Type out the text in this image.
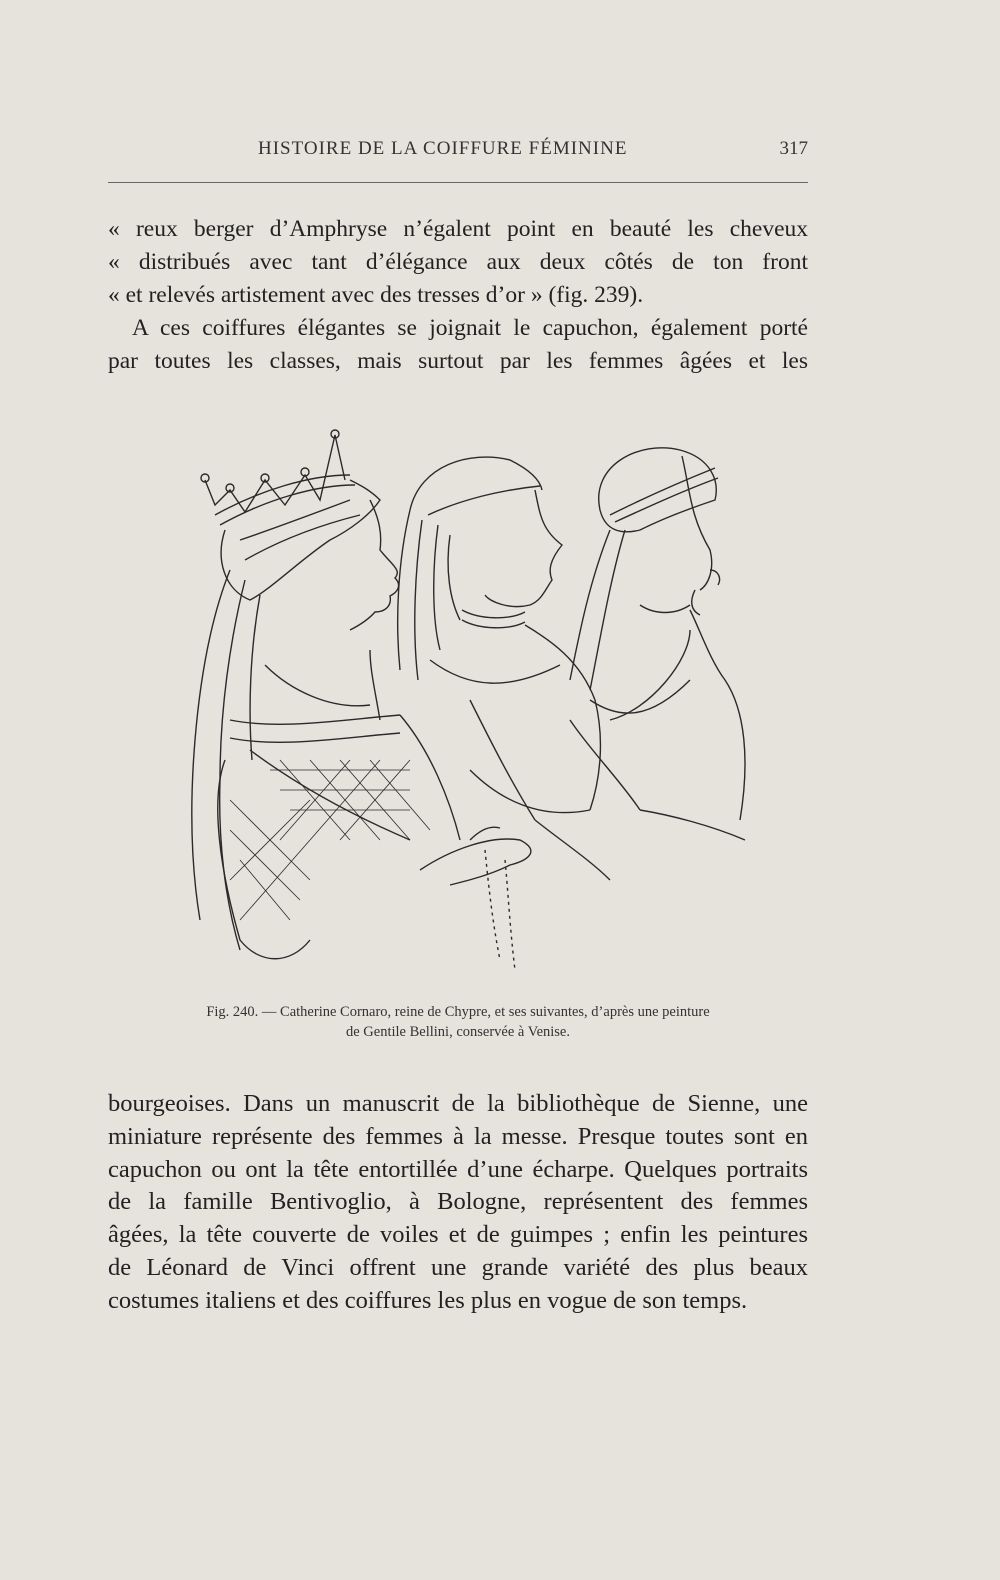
HISTOIRE DE LA COIFFURE FÉMININE	317
« reux berger d’Amphryse n’égalent point en beauté les cheveux
« distribués avec tant d’élégance aux deux côtés de ton front
« et relevés artistement avec des tresses d’or » (fig. 239).
A ces coiffures élégantes se joignait le capuchon, également porté
par toutes les classes, mais surtout par les femmes âgées et les
Fig. 240. — Catherine Cornaro, reine de Chypre, et ses suivantes, d’après une peinture
de Gentile Bellini, conservée à Venise.
bourgeoises. Dans un manuscrit de la bibliothèque de Sienne, une
miniature représente des femmes à la messe. Presque toutes sont en
capuchon ou ont la tête entortillée d’une écharpe. Quelques portraits
de la famille Bentivoglio, à Bologne, représentent des femmes
âgées, la tête couverte de voiles et de guimpes ; enfin les peintures
de Léonard de Vinci offrent une grande variété des plus beaux
costumes italiens et des coiffures les plus en vogue de son temps.
